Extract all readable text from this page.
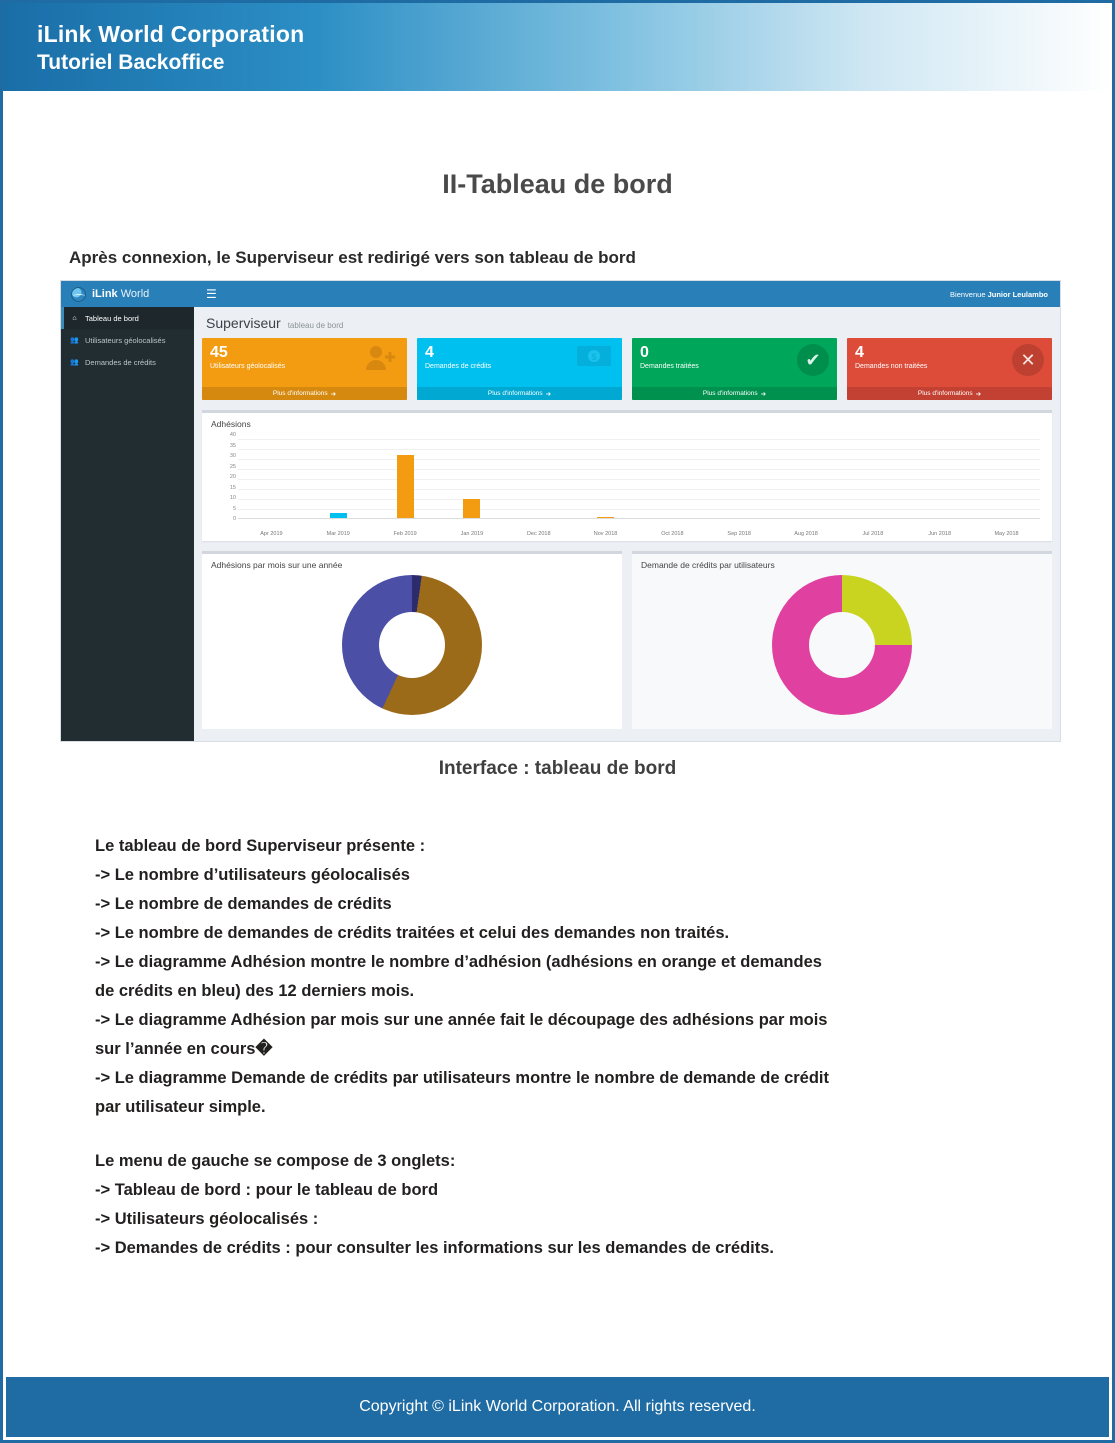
iLink World Corporation
Tutoriel Backoffice
II-Tableau de bord
Après connexion, le Superviseur est redirigé vers son tableau de bord
iLink World	☰	Bienvenue Junior Leulambo
⌂	Tableau de bord
👥 Utilisateurs géolocalisés
👥 Demandes de crédits
Superviseur tableau de bord
45
Utilisateurs géolocalisés
Plus d'informations ➔
4
Demandes de crédits
$
Plus d'informations ➔
0
Demandes traitées	✔
Plus d'informations ➔
4
Demandes non traitées	✕
Plus d'informations ➔
Adhésions
40
35
30
25
20
15
10
5
0
Apr 2019	Mar 2019	Feb 2019	Jan 2019	Dec 2018	Nov 2018	Oct 2018	Sep 2018	Aug 2018	Jul 2018	Jun 2018	May 2018
Adhésions par mois sur une année	Demande de crédits par utilisateurs
Interface : tableau de bord

Le tableau de bord Superviseur présente :

-> Le nombre d’utilisateurs géolocalisés

-> Le nombre de demandes de crédits

-> Le nombre de demandes de crédits traitées et celui des demandes non traités.

-> Le diagramme Adhésion montre le nombre d’adhésion (adhésions en orange et demandes

de crédits en bleu) des 12 derniers mois.

-> Le diagramme Adhésion par mois sur une année fait le découpage des adhésions par mois

sur l’année en cours�

-> Le diagramme Demande de crédits par utilisateurs montre le nombre de demande de crédit

par utilisateur simple.

Le menu de gauche se compose de 3 onglets:

-> Tableau de bord : pour le tableau de bord

-> Utilisateurs géolocalisés :

-> Demandes de crédits : pour consulter les informations sur les demandes de crédits.

Copyright © iLink World Corporation. All rights reserved.
